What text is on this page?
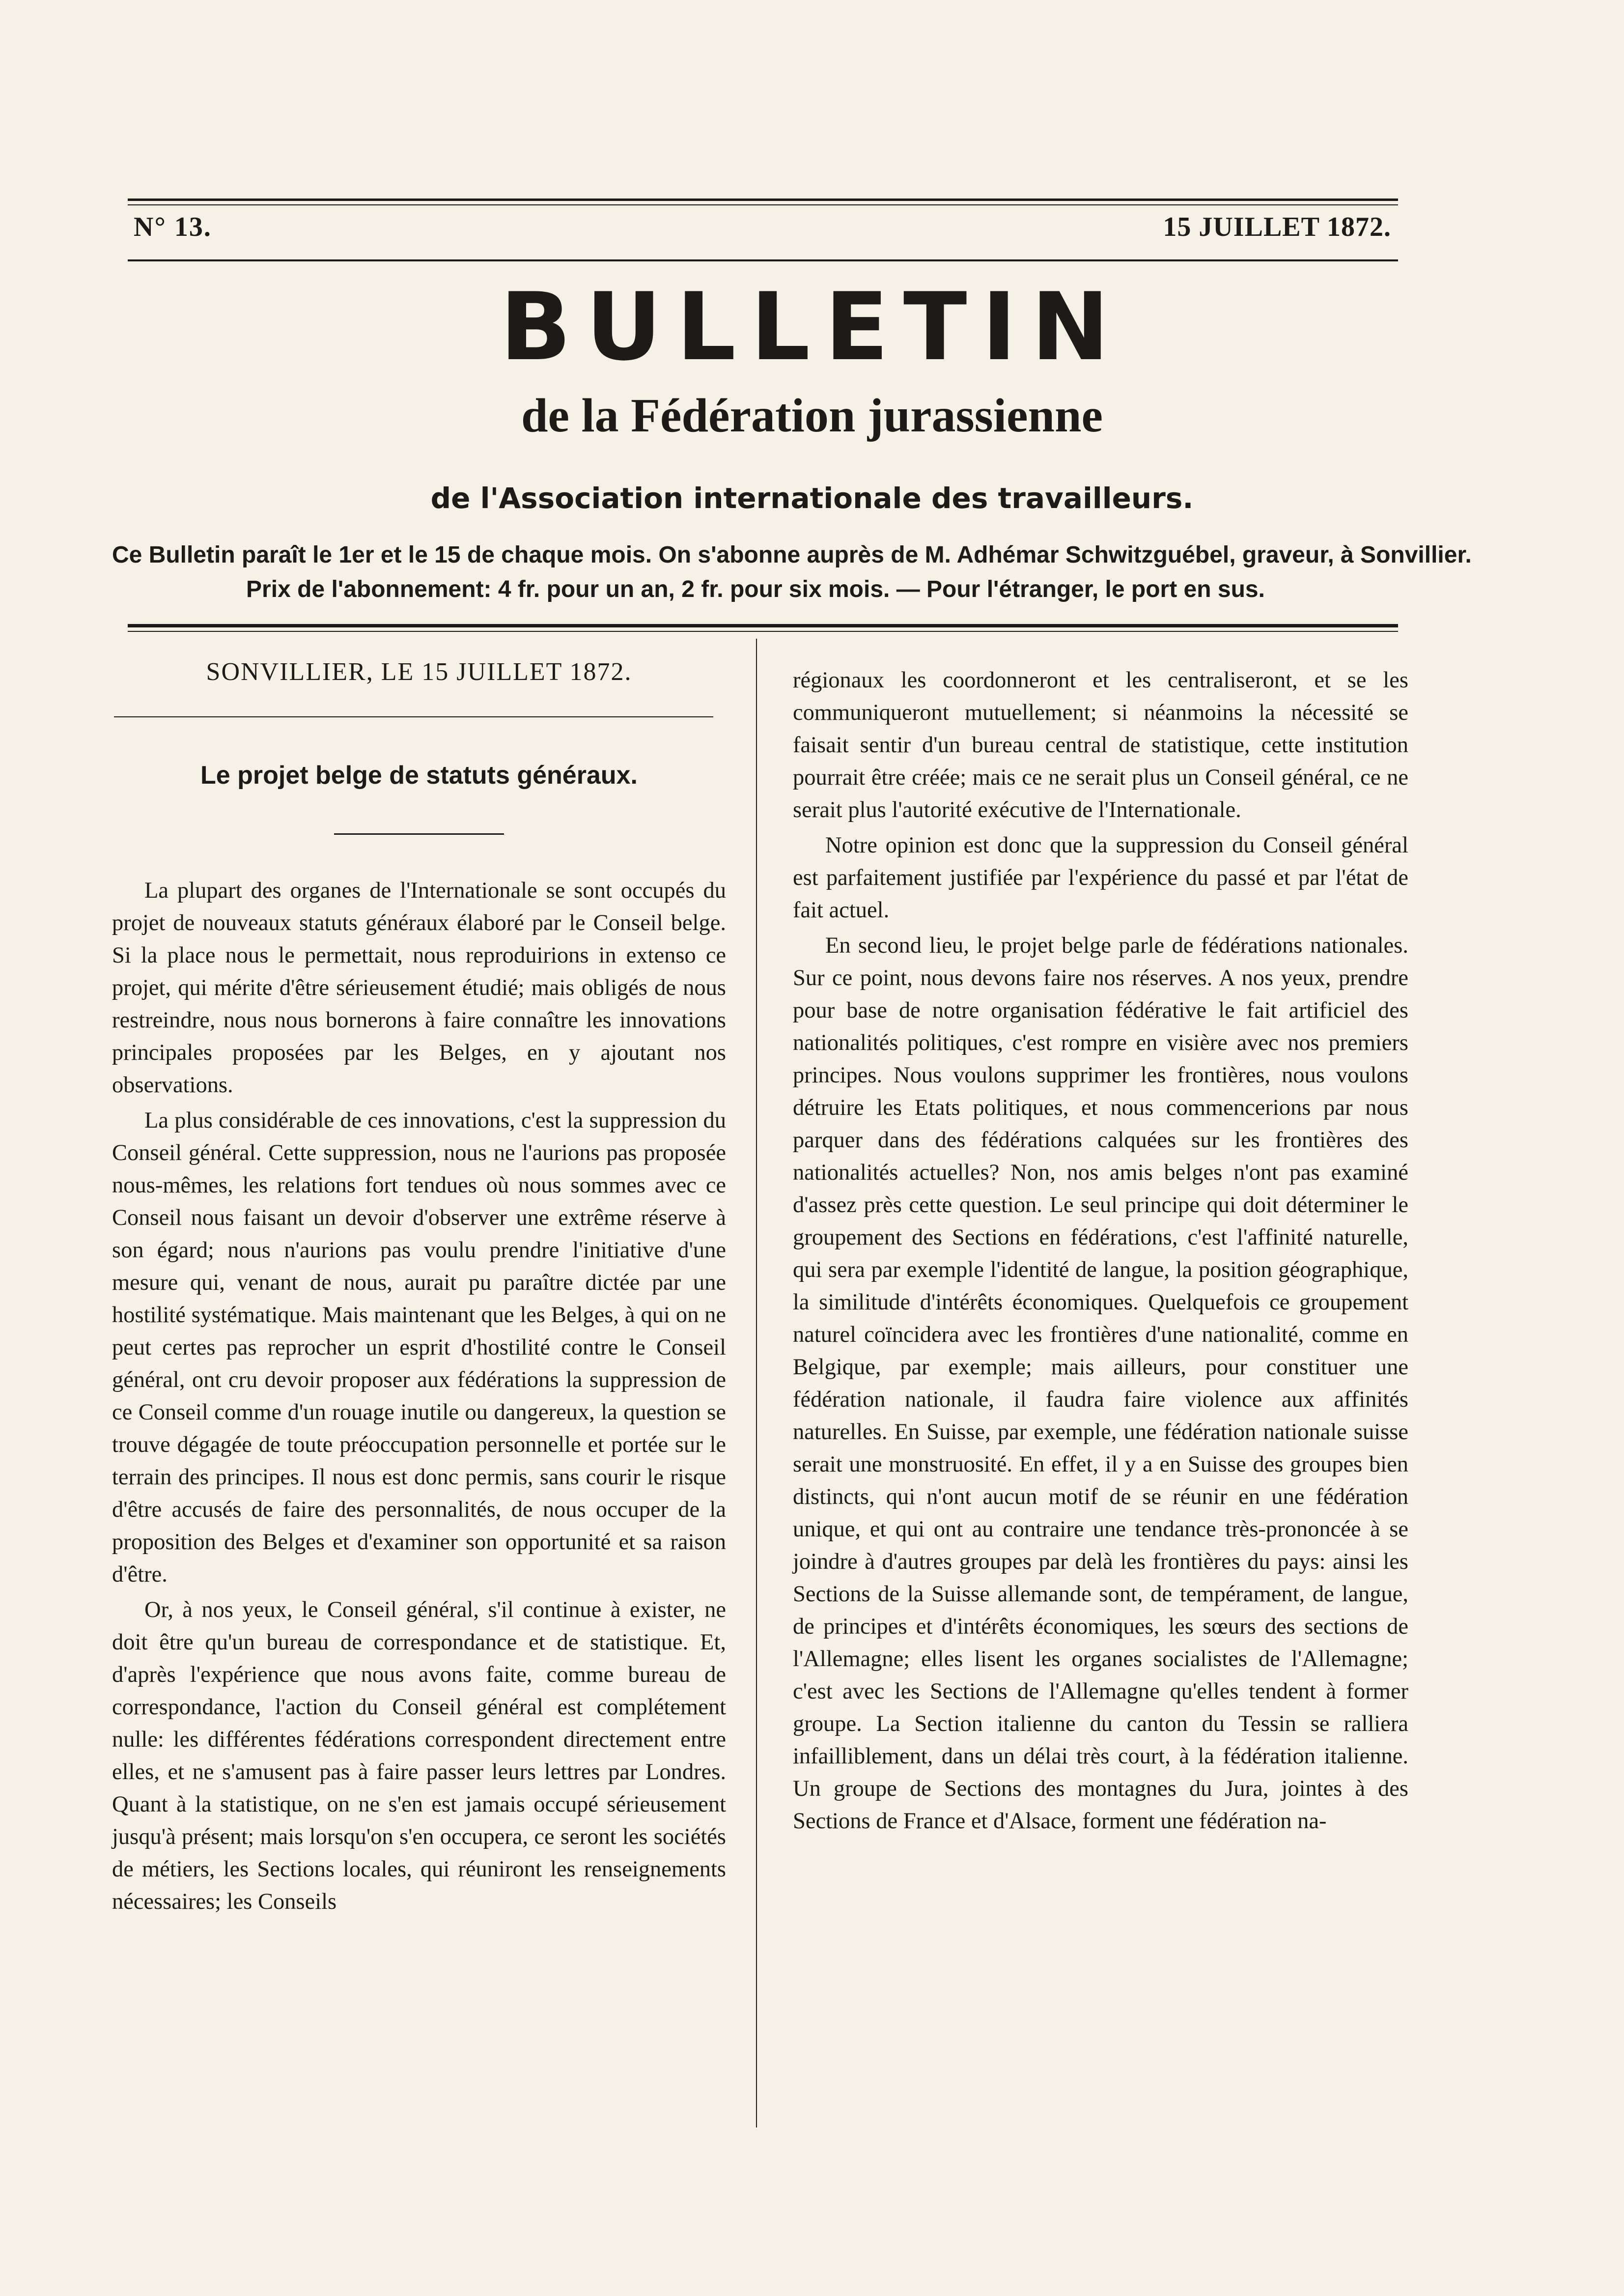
N° 13.	15 JUILLET 1872.
BULLETIN
de la Fédération jurassienne
de l'Association internationale des travailleurs.
Ce Bulletin paraît le 1er et le 15 de chaque mois. On s'abonne auprès de M. Adhémar Schwitzguébel, graveur, à Sonvillier.
Prix de l'abonnement: 4 fr. pour un an, 2 fr. pour six mois. — Pour l'étranger, le port en sus.
SONVILLIER, LE 15 JUILLET 1872.
Le projet belge de statuts généraux.

La plupart des organes de l'Internationale se sont occupés du projet de nouveaux statuts généraux élaboré par le Conseil belge. Si la place nous le permettait, nous reproduirions in extenso ce projet, qui mérite d'être sérieusement étudié; mais obligés de nous restreindre, nous nous bornerons à faire connaître les innovations principales proposées par les Belges, en y ajoutant nos observations.

La plus considérable de ces innovations, c'est la suppression du Conseil général. Cette suppression, nous ne l'aurions pas proposée nous-mêmes, les relations fort tendues où nous sommes avec ce Conseil nous faisant un devoir d'observer une extrême réserve à son égard; nous n'aurions pas voulu prendre l'initiative d'une mesure qui, venant de nous, aurait pu paraître dictée par une hostilité systématique. Mais maintenant que les Belges, à qui on ne peut certes pas reprocher un esprit d'hostilité contre le Conseil général, ont cru devoir proposer aux fédérations la suppression de ce Conseil comme d'un rouage inutile ou dangereux, la question se trouve dégagée de toute préoccupation personnelle et portée sur le terrain des principes. Il nous est donc permis, sans courir le risque d'être accusés de faire des personnalités, de nous occuper de la proposition des Belges et d'examiner son opportunité et sa raison d'être.

Or, à nos yeux, le Conseil général, s'il continue à exister, ne doit être qu'un bureau de correspondance et de statistique. Et, d'après l'expérience que nous avons faite, comme bureau de correspondance, l'action du Conseil général est complétement nulle: les différentes fédérations correspondent directement entre elles, et ne s'amusent pas à faire passer leurs lettres par Londres. Quant à la statistique, on ne s'en est jamais occupé sérieusement jusqu'à présent; mais lorsqu'on s'en occupera, ce seront les sociétés de métiers, les Sections locales, qui réuniront les renseignements nécessaires; les Conseils

régionaux les coordonneront et les centraliseront, et se les communiqueront mutuellement; si néanmoins la nécessité se faisait sentir d'un bureau central de statistique, cette institution pourrait être créée; mais ce ne serait plus un Conseil général, ce ne serait plus l'autorité exécutive de l'Internationale.

Notre opinion est donc que la suppression du Conseil général est parfaitement justifiée par l'expérience du passé et par l'état de fait actuel.

En second lieu, le projet belge parle de fédérations nationales. Sur ce point, nous devons faire nos réserves. A nos yeux, prendre pour base de notre organisation fédérative le fait artificiel des nationalités politiques, c'est rompre en visière avec nos premiers principes. Nous voulons supprimer les frontières, nous voulons détruire les Etats politiques, et nous commencerions par nous parquer dans des fédérations calquées sur les frontières des nationalités actuelles? Non, nos amis belges n'ont pas examiné d'assez près cette question. Le seul principe qui doit déterminer le groupement des Sections en fédérations, c'est l'affinité naturelle, qui sera par exemple l'identité de langue, la position géographique, la similitude d'intérêts économiques. Quelquefois ce groupement naturel coïncidera avec les frontières d'une nationalité, comme en Belgique, par exemple; mais ailleurs, pour constituer une fédération nationale, il faudra faire violence aux affinités naturelles. En Suisse, par exemple, une fédération nationale suisse serait une monstruosité. En effet, il y a en Suisse des groupes bien distincts, qui n'ont aucun motif de se réunir en une fédération unique, et qui ont au contraire une tendance très-prononcée à se joindre à d'autres groupes par delà les frontières du pays: ainsi les Sections de la Suisse allemande sont, de tempérament, de langue, de principes et d'intérêts économiques, les sœurs des sections de l'Allemagne; elles lisent les organes socialistes de l'Allemagne; c'est avec les Sections de l'Allemagne qu'elles tendent à former groupe. La Section italienne du canton du Tessin se ralliera infailliblement, dans un délai très court, à la fédération italienne. Un groupe de Sections des montagnes du Jura, jointes à des Sections de France et d'Alsace, forment une fédération na-
